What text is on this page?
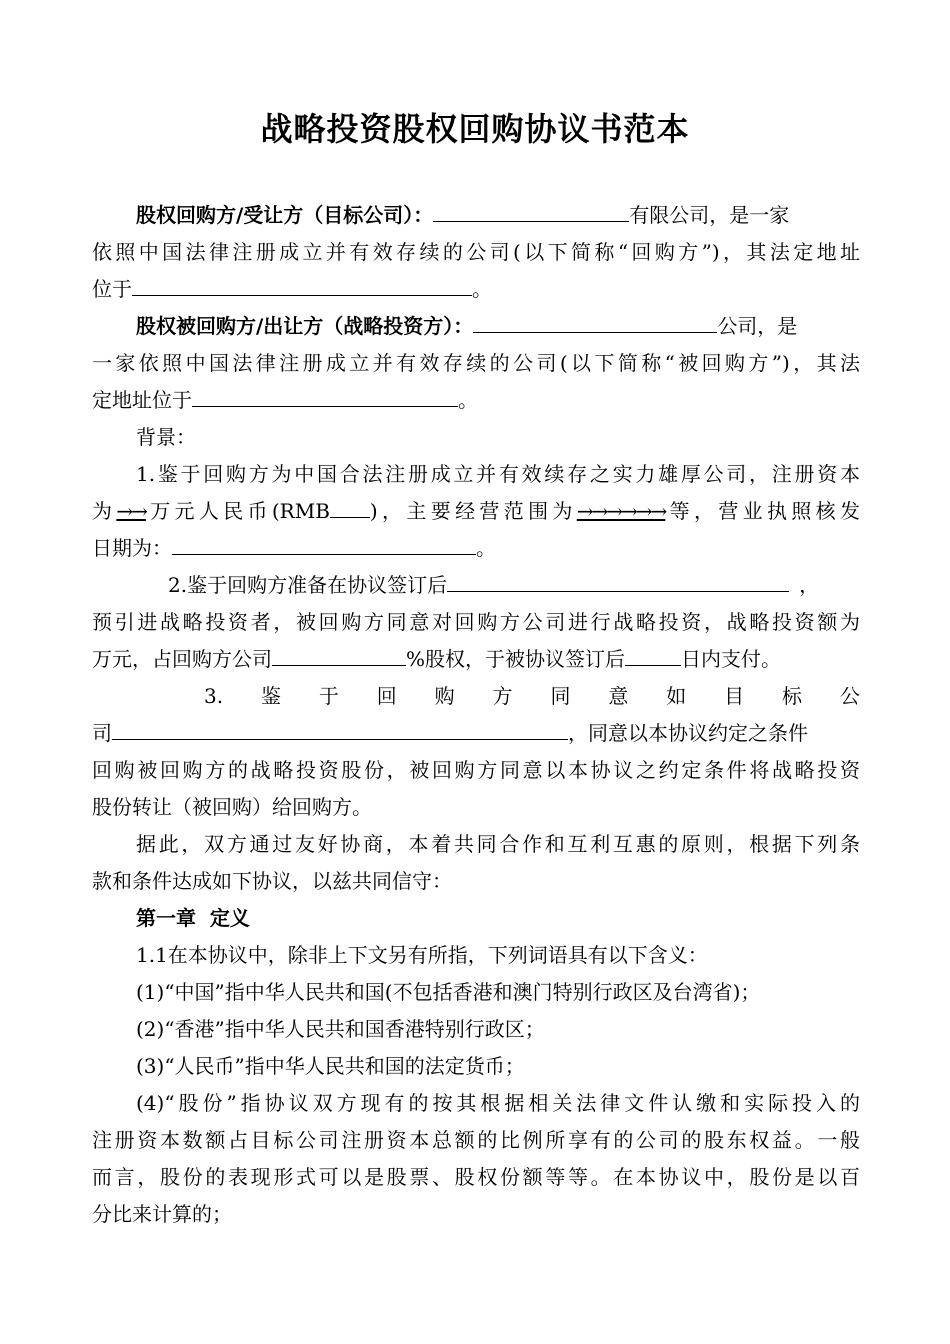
战略投资股权回购协议书范本
股权回购方/受让方（目标公司）：	有限公司，是一家
依照中国法律注册成立并有效存续的公司(以下简称“回购方”)，其法定地址
位于	。
股权被回购方/出让方（战略投资方）：	公司，是
一家依照中国法律注册成立并有效存续的公司(以下简称“被回购方”)，其法
定地址位于	。
背景：
1.鉴于回购方为中国合法注册成立并有效续存之实力雄厚公司，注册资本
为→→万元人民币(RMB )，主要经营范围为→→→→→→等，营业执照核发
日期为：	。
2.鉴于回购方准备在协议签订后	，
预引进战略投资者，被回购方同意对回购方公司进行战略投资，战略投资额为
万元，占回购方公司	%股权，于被协议签订后	日内支付。
3. 鉴 于 回 购 方 同 意 如 目 标 公
司	，同意以本协议约定之条件
回购被回购方的战略投资股份，被回购方同意以本协议之约定条件将战略投资
股份转让（被回购）给回购方。
据此，双方通过友好协商，本着共同合作和互利互惠的原则，根据下列条
款和条件达成如下协议，以兹共同信守：
第一章  定义
1.1在本协议中，除非上下文另有所指，下列词语具有以下含义：
(1)“中国”指中华人民共和国(不包括香港和澳门特别行政区及台湾省)；
(2)“香港”指中华人民共和国香港特别行政区；
(3)“人民币”指中华人民共和国的法定货币；
(4)“股份”指协议双方现有的按其根据相关法律文件认缴和实际投入的
注册资本数额占目标公司注册资本总额的比例所享有的公司的股东权益。一般
而言，股份的表现形式可以是股票、股权份额等等。在本协议中，股份是以百
分比来计算的；
